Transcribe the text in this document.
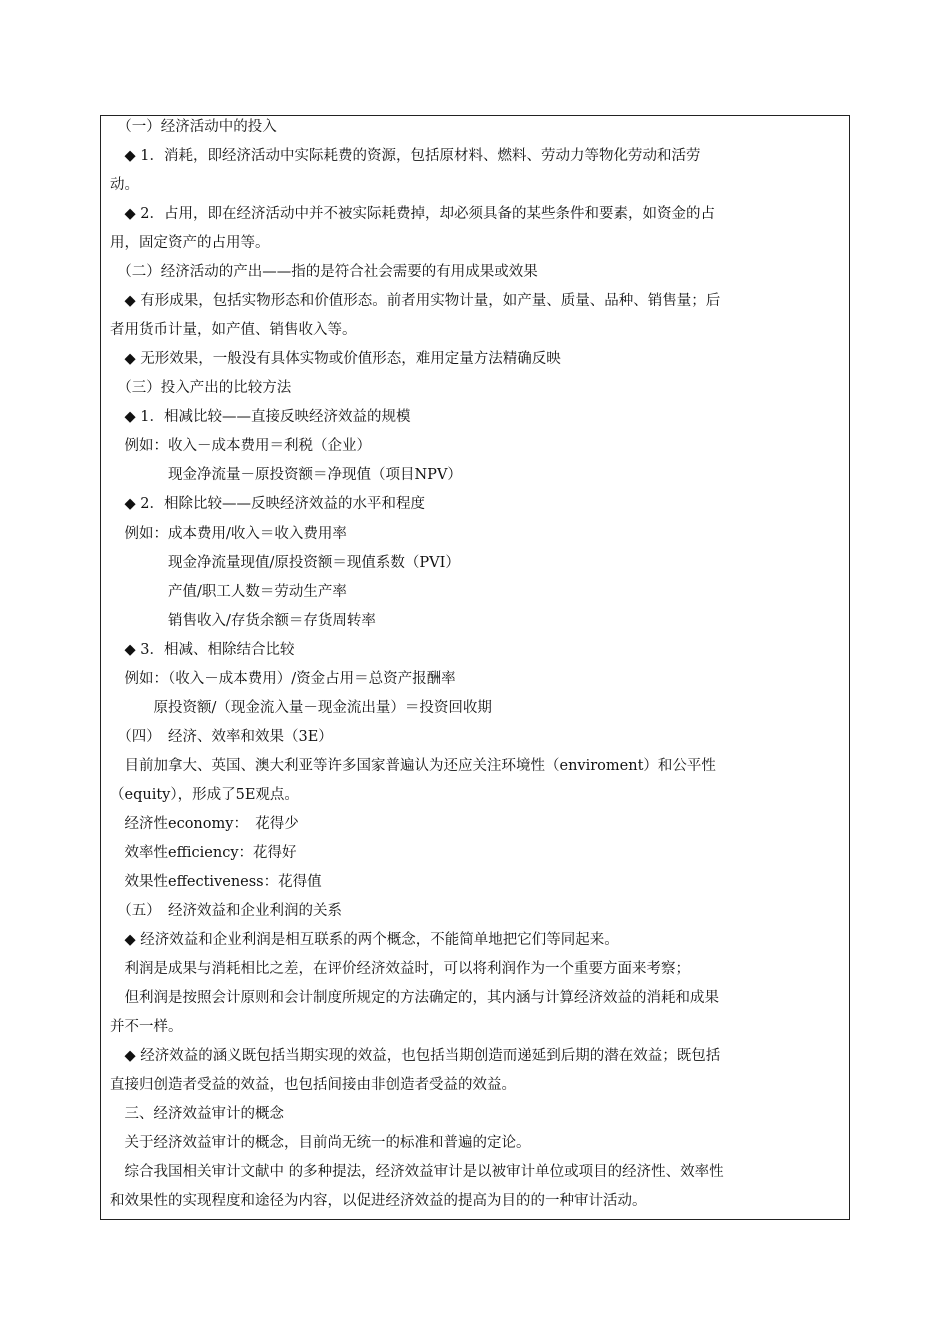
　（一）经济活动中的投入
　◆ 1．消耗，即经济活动中实际耗费的资源，包括原材料、燃料、劳动力等物化劳动和活劳
动。
　◆ 2．占用，即在经济活动中并不被实际耗费掉，却必须具备的某些条件和要素，如资金的占
用，固定资产的占用等。
　（二）经济活动的产出——指的是符合社会需要的有用成果或效果
　◆ 有形成果，包括实物形态和价值形态。前者用实物计量，如产量、质量、品种、销售量；后
者用货币计量，如产值、销售收入等。
　◆ 无形效果，一般没有具体实物或价值形态，难用定量方法精确反映
　（三）投入产出的比较方法
　◆ 1．相减比较——直接反映经济效益的规模
　例如：收入－成本费用＝利税（企业）
　　　　现金净流量－原投资额＝净现值（项目NPV）
　◆ 2．相除比较——反映经济效益的水平和程度
　例如：成本费用/收入＝收入费用率
　　　　现金净流量现值/原投资额＝现值系数（PVI）
　　　　产值/职工人数＝劳动生产率
　　　　销售收入/存货余额＝存货周转率
　◆ 3．相减、相除结合比较
　例如：（收入－成本费用）/资金占用＝总资产报酬率
　　　原投资额/（现金流入量－现金流出量）＝投资回收期
　（四）　经济、效率和效果（3E）
　目前加拿大、英国、澳大利亚等许多国家普遍认为还应关注环境性（enviroment）和公平性
（equity），形成了5E观点。
　经济性economy：　花得少
　效率性efficiency：花得好
　效果性effectiveness：花得值
　（五）　经济效益和企业利润的关系
　◆ 经济效益和企业利润是相互联系的两个概念，不能简单地把它们等同起来。
　利润是成果与消耗相比之差，在评价经济效益时，可以将利润作为一个重要方面来考察；
　但利润是按照会计原则和会计制度所规定的方法确定的，其内涵与计算经济效益的消耗和成果
并不一样。
　◆ 经济效益的涵义既包括当期实现的效益，也包括当期创造而递延到后期的潜在效益；既包括
直接归创造者受益的效益，也包括间接由非创造者受益的效益。
　三、经济效益审计的概念
　关于经济效益审计的概念，目前尚无统一的标准和普遍的定论。
　综合我国相关审计文献中 的多种提法，经济效益审计是以被审计单位或项目的经济性、效率性
和效果性的实现程度和途径为内容，以促进经济效益的提高为目的的一种审计活动。
